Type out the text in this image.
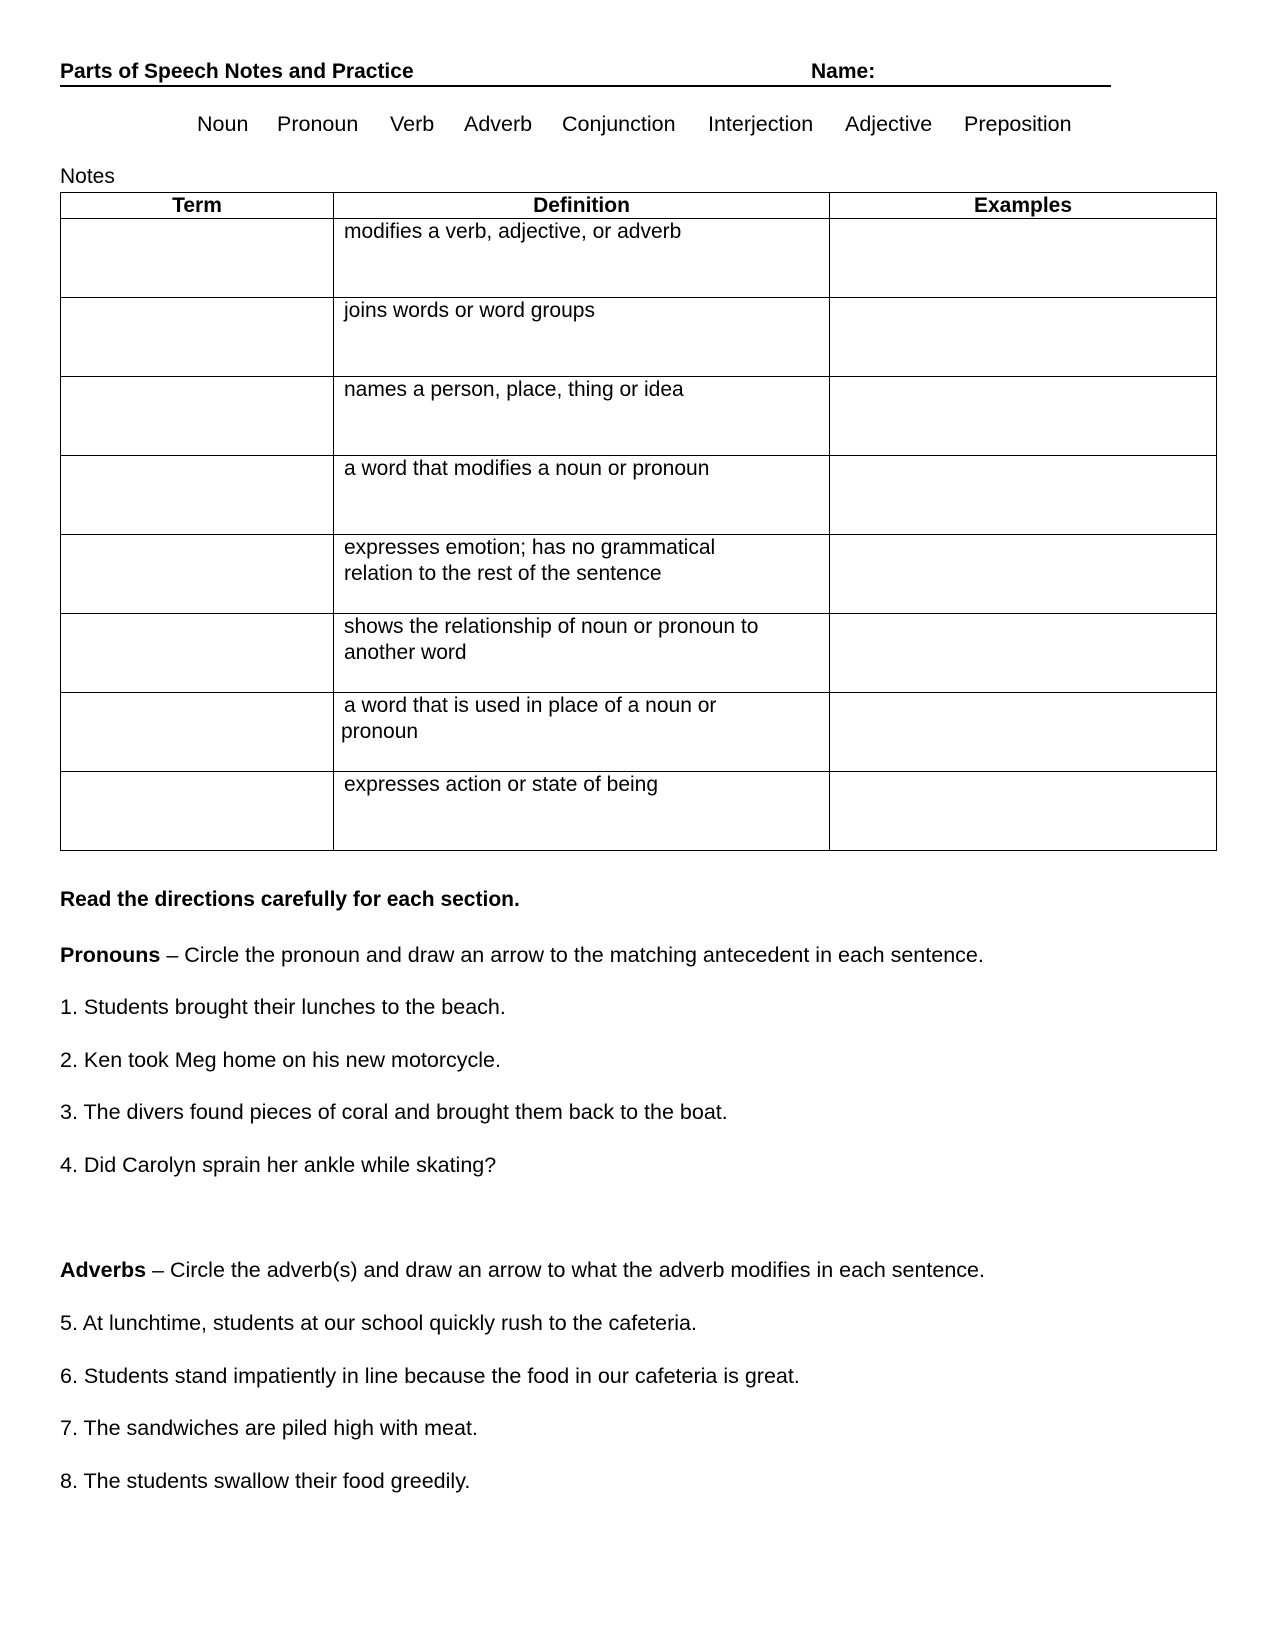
Parts of Speech Notes and Practice	Name:
Noun Pronoun Verb Adverb Conjunction Interjection Adjective Preposition
Notes
Term	Definition	Examples

	modifies a verb, adjective, or adverb	

	joins words or word groups	

	names a person, place, thing or idea	

	a word that modifies a noun or pronoun	

	expresses emotion; has no grammatical
relation to the rest of the sentence	

	shows the relationship of noun or pronoun to
another word	

	a word that is used in place of a noun or
pronoun	

	expresses action or state of being	

Read the directions carefully for each section.
Pronouns – Circle the pronoun and draw an arrow to the matching antecedent in each sentence.
1. Students brought their lunches to the beach.
2. Ken took Meg home on his new motorcycle.
3. The divers found pieces of coral and brought them back to the boat.
4. Did Carolyn sprain her ankle while skating?
Adverbs – Circle the adverb(s) and draw an arrow to what the adverb modifies in each sentence.
5. At lunchtime, students at our school quickly rush to the cafeteria.
6. Students stand impatiently in line because the food in our cafeteria is great.
7. The sandwiches are piled high with meat.
8. The students swallow their food greedily.
